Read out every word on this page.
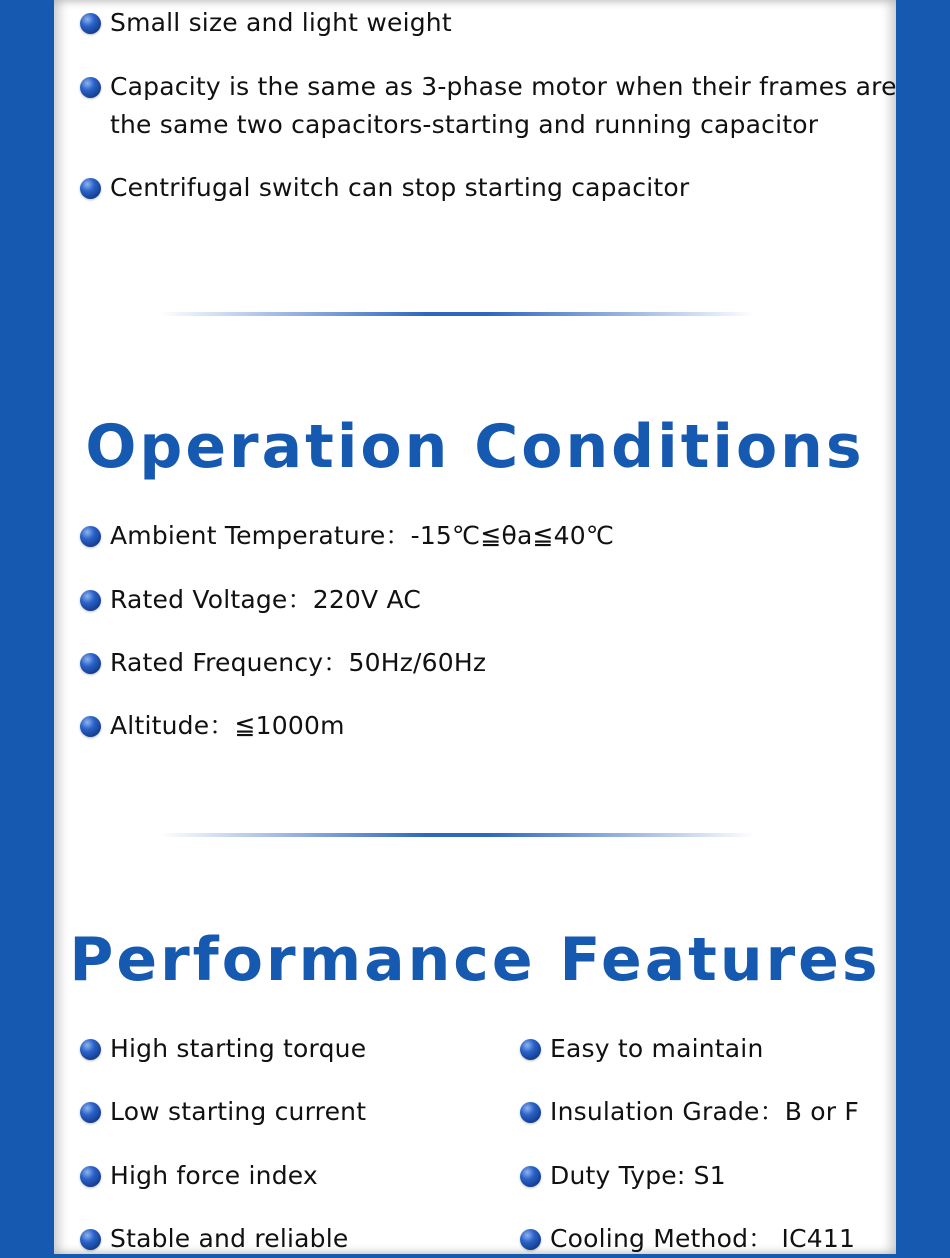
Small size and light weight
Capacity is the same as 3-phase motor when their frames are
the same two capacitors-starting and running capacitor
Centrifugal switch can stop starting capacitor
Operation Conditions
Ambient Temperature：-15℃≦θa≦40℃
Rated Voltage：220V AC
Rated Frequency：50Hz/60Hz
Altitude：≦1000m
Performance Features
High starting torque
Low starting current
High force index
Stable and reliable
Easy to maintain
Insulation Grade：B or F
Duty Type: S1
Cooling Method： IC411
